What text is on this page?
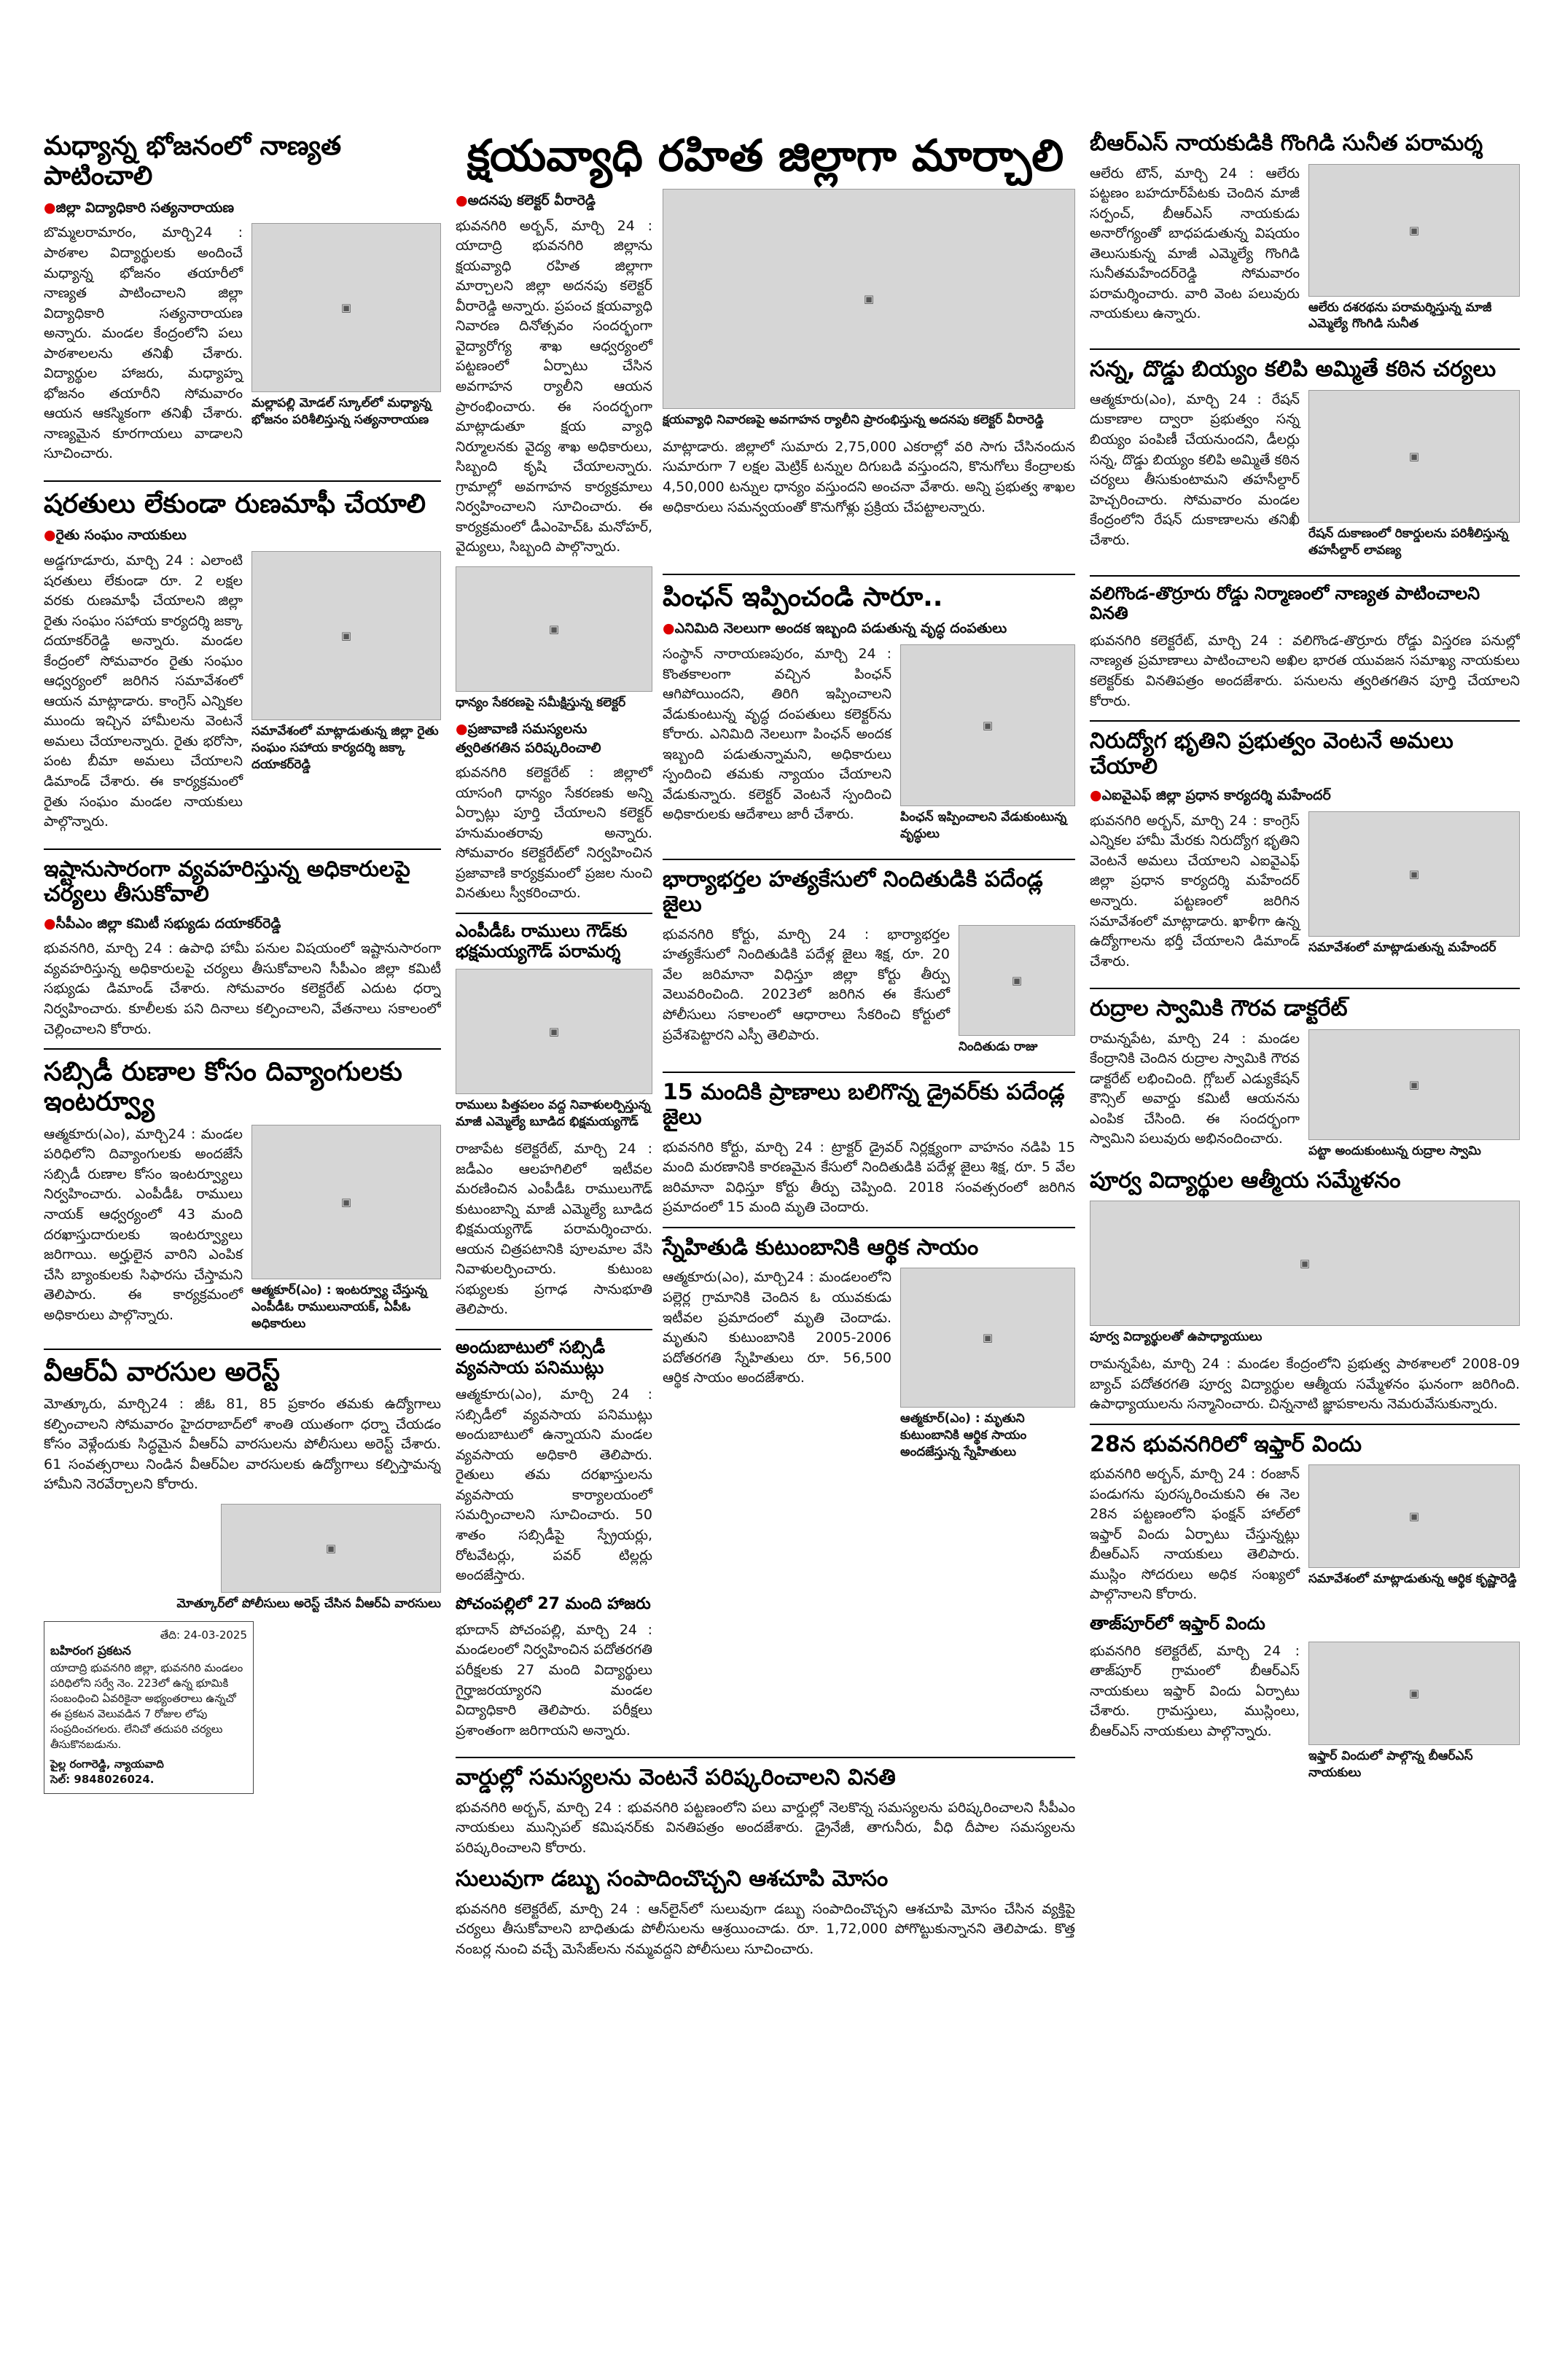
మధ్యాన్న భోజనంలో నాణ్యత పాటించాలి
● జిల్లా విద్యాధికారి సత్యనారాయణ

బొమ్మలరామారం, మార్చి24 : పాఠశాల విద్యార్థులకు అందించే మధ్యాన్న భోజనం తయారీలో నాణ్యత పాటించాలని జిల్లా విద్యాధికారి సత్యనారాయణ అన్నారు. మండల కేంద్రంలోని పలు పాఠశాలలను తనిఖీ చేశారు. విద్యార్థుల హాజరు, మధ్యాహ్న భోజనం తయారీని సోమవారం ఆయన ఆకస్మికంగా తనిఖీ చేశారు. నాణ్యమైన కూరగాయలు వాడాలని సూచించారు.

▣
మల్లాపల్లి మోడల్ స్కూల్‌లో మధ్యాన్న భోజనం పరిశీలిస్తున్న సత్యనారాయణ
షరతులు లేకుండా రుణమాఫీ చేయాలి
● రైతు సంఘం నాయకులు

అడ్డగూడూరు, మార్చి 24 : ఎలాంటి షరతులు లేకుండా రూ. 2 లక్షల వరకు రుణమాఫీ చేయాలని జిల్లా రైతు సంఘం సహాయ కార్యదర్శి జక్కా దయాకర్‌రెడ్డి అన్నారు. మండల కేంద్రంలో సోమవారం రైతు సంఘం ఆధ్వర్యంలో జరిగిన సమావేశంలో ఆయన మాట్లాడారు. కాంగ్రెస్ ఎన్నికల ముందు ఇచ్చిన హామీలను వెంటనే అమలు చేయాలన్నారు. రైతు భరోసా, పంట బీమా అమలు చేయాలని డిమాండ్ చేశారు. ఈ కార్యక్రమంలో రైతు సంఘం మండల నాయకులు పాల్గొన్నారు.

▣
సమావేశంలో మాట్లాడుతున్న జిల్లా రైతు సంఘం సహాయ కార్యదర్శి జక్కా దయాకర్‌రెడ్డి
ఇష్టానుసారంగా వ్యవహరిస్తున్న అధికారులపై చర్యలు తీసుకోవాలి
● సీపీఎం జిల్లా కమిటీ సభ్యుడు దయాకర్‌రెడ్డి

భువనగిరి, మార్చి 24 : ఉపాధి హామీ పనుల విషయంలో ఇష్టానుసారంగా వ్యవహరిస్తున్న అధికారులపై చర్యలు తీసుకోవాలని సీపీఎం జిల్లా కమిటీ సభ్యుడు డిమాండ్ చేశారు. సోమవారం కలెక్టరేట్ ఎదుట ధర్నా నిర్వహించారు. కూలీలకు పని దినాలు కల్పించాలని, వేతనాలు సకాలంలో చెల్లించాలని కోరారు.

సబ్సిడీ రుణాల కోసం దివ్యాంగులకు ఇంటర్వ్యూ

ఆత్మకూరు(ఎం), మార్చి24 : మండల పరిధిలోని దివ్యాంగులకు అందజేసే సబ్సిడీ రుణాల కోసం ఇంటర్వ్యూలు నిర్వహించారు. ఎంపీడీఓ రాములు నాయక్ ఆధ్వర్యంలో 43 మంది దరఖాస్తుదారులకు ఇంటర్వ్యూలు జరిగాయి. అర్హులైన వారిని ఎంపిక చేసి బ్యాంకులకు సిఫారసు చేస్తామని తెలిపారు. ఈ కార్యక్రమంలో అధికారులు పాల్గొన్నారు.

▣
ఆత్మకూర్(ఎం) : ఇంటర్వ్యూ చేస్తున్న ఎంపీడీఓ రాములునాయక్, ఏపీఓ అధికారులు
వీఆర్ఏ వారసుల అరెస్ట్

మోత్కూరు, మార్చి24 : జీఓ 81, 85 ప్రకారం తమకు ఉద్యోగాలు కల్పించాలని సోమవారం హైదరాబాద్‌లో శాంతి యుతంగా ధర్నా చేయడం కోసం వెళ్లేందుకు సిద్ధమైన వీఆర్ఏ వారసులను పోలీసులు అరెస్ట్ చేశారు. 61 సంవత్సరాలు నిండిన వీఆర్ఏల వారసులకు ఉద్యోగాలు కల్పిస్తామన్న హామీని నెరవేర్చాలని కోరారు.

▣
మోత్కూర్‌లో పోలీసులు అరెస్ట్ చేసిన వీఆర్ఏ వారసులు
తేది: 24-03-2025
బహిరంగ ప్రకటన
యాదాద్రి భువనగిరి జిల్లా, భువనగిరి మండలం పరిధిలోని సర్వే నెం. 223లో ఉన్న భూమికి సంబంధించి ఏవరికైనా అభ్యంతరాలు ఉన్నచో ఈ ప్రకటన వెలువడిన 7 రోజుల లోపు సంప్రదించగలరు. లేనిచో తదుపరి చర్యలు తీసుకొనబడును.
పైల్ల రంగారెడ్డి, న్యాయవాది
సెల్: 9848026024.
క్షయవ్యాధి రహిత జిల్లాగా మార్చాలి
● అదనపు కలెక్టర్ వీరారెడ్డి

భువనగిరి అర్బన్, మార్చి 24 : యాదాద్రి భువనగిరి జిల్లాను క్షయవ్యాధి రహిత జిల్లాగా మార్చాలని జిల్లా అదనపు కలెక్టర్ వీరారెడ్డి అన్నారు. ప్రపంచ క్షయవ్యాధి నివారణ దినోత్సవం సందర్భంగా వైద్యారోగ్య శాఖ ఆధ్వర్యంలో పట్టణంలో ఏర్పాటు చేసిన అవగాహన ర్యాలీని ఆయన ప్రారంభించారు. ఈ సందర్భంగా మాట్లాడుతూ క్షయ వ్యాధి నిర్మూలనకు వైద్య శాఖ అధికారులు, సిబ్బంది కృషి చేయాలన్నారు. గ్రామాల్లో అవగాహన కార్యక్రమాలు నిర్వహించాలని సూచించారు. ఈ కార్యక్రమంలో డీఎంహెచ్ఓ మనోహర్, వైద్యులు, సిబ్బంది పాల్గొన్నారు.

▣
క్షయవ్యాధి నివారణపై అవగాహన ర్యాలీని ప్రారంభిస్తున్న అదనపు కలెక్టర్ వీరారెడ్డి

మాట్లాడారు. జిల్లాలో సుమారు 2,75,000 ఎకరాల్లో వరి సాగు చేసినందున సుమారుగా 7 లక్షల మెట్రిక్ టన్నుల దిగుబడి వస్తుందని, కొనుగోలు కేంద్రాలకు 4,50,000 టన్నుల ధాన్యం వస్తుందని అంచనా వేశారు. అన్ని ప్రభుత్వ శాఖల అధికారులు సమన్వయంతో కొనుగోళ్లు ప్రక్రియ చేపట్టాలన్నారు.

▣
ధాన్యం సేకరణపై సమీక్షిస్తున్న కలెక్టర్
● ప్రజావాణి సమస్యలను త్వరితగతిన పరిష్కరించాలి

భువనగిరి కలెక్టరేట్ : జిల్లాలో యాసంగి ధాన్యం సేకరణకు అన్ని ఏర్పాట్లు పూర్తి చేయాలని కలెక్టర్ హనుమంతరావు అన్నారు. సోమవారం కలెక్టరేట్‌లో నిర్వహించిన ప్రజావాణి కార్యక్రమంలో ప్రజల నుంచి వినతులు స్వీకరించారు.

ఎంపీడీఓ రాములు గౌడ్‌కు భక్షమయ్యగౌడ్ పరామర్శ
▣
రాములు పిత్తపలం వద్ద నివాళులర్పిస్తున్న మాజీ ఎమ్మెల్యే బూడిద భిక్షమయ్యగౌడ్

రాజాపేట కలెక్టరేట్, మార్చి 24 : జడీఎం ఆలహగిలిలో ఇటీవల మరణించిన ఎంపీడీఓ రాములుగౌడ్ కుటుంబాన్ని మాజీ ఎమ్మెల్యే బూడిద భిక్షమయ్యగౌడ్ పరామర్శించారు. ఆయన చిత్రపటానికి పూలమాల వేసి నివాళులర్పించారు. కుటుంబ సభ్యులకు ప్రగాఢ సానుభూతి తెలిపారు.

అందుబాటులో సబ్సిడీ వ్యవసాయ పనిముట్లు

ఆత్మకూరు(ఎం), మార్చి 24 : సబ్సిడీలో వ్యవసాయ పనిముట్లు అందుబాటులో ఉన్నాయని మండల వ్యవసాయ అధికారి తెలిపారు. రైతులు తమ దరఖాస్తులను వ్యవసాయ కార్యాలయంలో సమర్పించాలని సూచించారు. 50 శాతం సబ్సిడీపై స్ప్రేయర్లు, రోటవేటర్లు, పవర్ టిల్లర్లు అందజేస్తారు.

పోచంపల్లిలో 27 మంది హాజరు

భూదాన్ పోచంపల్లి, మార్చి 24 : మండలంలో నిర్వహించిన పదోతరగతి పరీక్షలకు 27 మంది విద్యార్థులు గైర్హాజరయ్యారని మండల విద్యాధికారి తెలిపారు. పరీక్షలు ప్రశాంతంగా జరిగాయని అన్నారు.

పింఛన్ ఇప్పించండి సారూ..
● ఎనిమిది నెలలుగా అందక ఇబ్బంది పడుతున్న వృద్ధ దంపతులు

సంస్థాన్ నారాయణపురం, మార్చి 24 : కొంతకాలంగా వచ్చిన పింఛన్ ఆగిపోయిందని, తిరిగి ఇప్పించాలని వేడుకుంటున్న వృద్ధ దంపతులు కలెక్టర్‌ను కోరారు. ఎనిమిది నెలలుగా పింఛన్ అందక ఇబ్బంది పడుతున్నామని, అధికారులు స్పందించి తమకు న్యాయం చేయాలని వేడుకున్నారు. కలెక్టర్ వెంటనే స్పందించి అధికారులకు ఆదేశాలు జారీ చేశారు.

▣
పింఛన్ ఇప్పించాలని వేడుకుంటున్న వృద్ధులు
భార్యాభర్తల హత్యకేసులో నిందితుడికి పదేండ్ల జైలు

భువనగిరి కోర్టు, మార్చి 24 : భార్యాభర్తల హత్యకేసులో నిందితుడికి పదేళ్ల జైలు శిక్ష, రూ. 20 వేల జరిమానా విధిస్తూ జిల్లా కోర్టు తీర్పు వెలువరించింది. 2023లో జరిగిన ఈ కేసులో పోలీసులు సకాలంలో ఆధారాలు సేకరించి కోర్టులో ప్రవేశపెట్టారని ఎస్పీ తెలిపారు.

▣
నిందితుడు రాజు
15 మందికి ప్రాణాలు బలిగొన్న డ్రైవర్‌కు పదేండ్ల జైలు

భువనగిరి కోర్టు, మార్చి 24 : ట్రాక్టర్ డ్రైవర్ నిర్లక్ష్యంగా వాహనం నడిపి 15 మంది మరణానికి కారణమైన కేసులో నిందితుడికి పదేళ్ల జైలు శిక్ష, రూ. 5 వేల జరిమానా విధిస్తూ కోర్టు తీర్పు చెప్పింది. 2018 సంవత్సరంలో జరిగిన ప్రమాదంలో 15 మంది మృతి చెందారు.

స్నేహితుడి కుటుంబానికి ఆర్థిక సాయం

ఆత్మకూరు(ఎం), మార్చి24 : మండలంలోని పల్లెర్ల గ్రామానికి చెందిన ఓ యువకుడు ఇటీవల ప్రమాదంలో మృతి చెందాడు. మృతుని కుటుంబానికి 2005-2006 పదోతరగతి స్నేహితులు రూ. 56,500 ఆర్థిక సాయం అందజేశారు.

▣
ఆత్మకూర్(ఎం) : మృతుని కుటుంబానికి ఆర్థిక సాయం అందజేస్తున్న స్నేహితులు
వార్డుల్లో సమస్యలను వెంటనే పరిష్కరించాలని వినతి

భువనగిరి అర్బన్, మార్చి 24 : భువనగిరి పట్టణంలోని పలు వార్డుల్లో నెలకొన్న సమస్యలను పరిష్కరించాలని సీపీఎం నాయకులు మున్సిపల్ కమిషనర్‌కు వినతిపత్రం అందజేశారు. డ్రైనేజీ, తాగునీరు, వీధి దీపాల సమస్యలను పరిష్కరించాలని కోరారు.

సులువుగా డబ్బు సంపాదించొచ్చని ఆశచూపి మోసం

భువనగిరి కలెక్టరేట్, మార్చి 24 : ఆన్‌లైన్‌లో సులువుగా డబ్బు సంపాదించొచ్చని ఆశచూపి మోసం చేసిన వ్యక్తిపై చర్యలు తీసుకోవాలని బాధితుడు పోలీసులను ఆశ్రయించాడు. రూ. 1,72,000 పోగొట్టుకున్నానని తెలిపాడు. కొత్త నంబర్ల నుంచి వచ్చే మెసేజ్‌లను నమ్మవద్దని పోలీసులు సూచించారు.

బీఆర్ఎస్ నాయకుడికి గొంగిడి సునీత పరామర్శ

ఆలేరు టౌన్, మార్చి 24 : ఆలేరు పట్టణం బహదూర్‌పేటకు చెందిన మాజీ సర్పంచ్, బీఆర్ఎస్ నాయకుడు అనారోగ్యంతో బాధపడుతున్న విషయం తెలుసుకున్న మాజీ ఎమ్మెల్యే గొంగిడి సునీతమహేందర్‌రెడ్డి సోమవారం పరామర్శించారు. వారి వెంట పలువురు నాయకులు ఉన్నారు.

▣
ఆలేరు దశరథను పరామర్శిస్తున్న మాజీ ఎమ్మెల్యే గొంగిడి సునీత
సన్న, దొడ్డు బియ్యం కలిపి అమ్మితే కఠిన చర్యలు

ఆత్మకూరు(ఎం), మార్చి 24 : రేషన్ దుకాణాల ద్వారా ప్రభుత్వం సన్న బియ్యం పంపిణీ చేయనుందని, డీలర్లు సన్న, దొడ్డు బియ్యం కలిపి అమ్మితే కఠిన చర్యలు తీసుకుంటామని తహసీల్దార్ హెచ్చరించారు. సోమవారం మండల కేంద్రంలోని రేషన్ దుకాణాలను తనిఖీ చేశారు.

▣
రేషన్ దుకాణంలో రికార్డులను పరిశీలిస్తున్న తహసీల్దార్ లావణ్య
వలిగొండ-తొర్రూరు రోడ్డు నిర్మాణంలో నాణ్యత పాటించాలని వినతి

భువనగిరి కలెక్టరేట్, మార్చి 24 : వలిగొండ-తొర్రూరు రోడ్డు విస్తరణ పనుల్లో నాణ్యత ప్రమాణాలు పాటించాలని అఖిల భారత యువజన సమాఖ్య నాయకులు కలెక్టర్‌కు వినతిపత్రం అందజేశారు. పనులను త్వరితగతిన పూర్తి చేయాలని కోరారు.

నిరుద్యోగ భృతిని ప్రభుత్వం వెంటనే అమలు చేయాలి
● ఎఐవైఎఫ్ జిల్లా ప్రధాన కార్యదర్శి మహేందర్

భువనగిరి అర్బన్, మార్చి 24 : కాంగ్రెస్ ఎన్నికల హామీ మేరకు నిరుద్యోగ భృతిని వెంటనే అమలు చేయాలని ఎఐవైఎఫ్ జిల్లా ప్రధాన కార్యదర్శి మహేందర్ అన్నారు. పట్టణంలో జరిగిన సమావేశంలో మాట్లాడారు. ఖాళీగా ఉన్న ఉద్యోగాలను భర్తీ చేయాలని డిమాండ్ చేశారు.

▣
సమావేశంలో మాట్లాడుతున్న మహేందర్
రుద్రాల స్వామికి గౌరవ డాక్టరేట్

రామన్నపేట, మార్చి 24 : మండల కేంద్రానికి చెందిన రుద్రాల స్వామికి గౌరవ డాక్టరేట్ లభించింది. గ్లోబల్ ఎడ్యుకేషన్ కౌన్సిల్ అవార్డు కమిటీ ఆయనను ఎంపిక చేసింది. ఈ సందర్భంగా స్వామిని పలువురు అభినందించారు.

▣
పట్టా అందుకుంటున్న రుద్రాల స్వామి
పూర్వ విద్యార్థుల ఆత్మీయ సమ్మేళనం
▣
పూర్వ విద్యార్థులతో ఉపాధ్యాయులు

రామన్నపేట, మార్చి 24 : మండల కేంద్రంలోని ప్రభుత్వ పాఠశాలలో 2008-09 బ్యాచ్ పదోతరగతి పూర్వ విద్యార్థుల ఆత్మీయ సమ్మేళనం ఘనంగా జరిగింది. ఉపాధ్యాయులను సన్మానించారు. చిన్ననాటి జ్ఞాపకాలను నెమరువేసుకున్నారు.

28న భువనగిరిలో ఇఫ్తార్ విందు

భువనగిరి అర్బన్, మార్చి 24 : రంజాన్ పండుగను పురస్కరించుకుని ఈ నెల 28న పట్టణంలోని ఫంక్షన్ హాల్‌లో ఇఫ్తార్ విందు ఏర్పాటు చేస్తున్నట్లు బీఆర్ఎస్ నాయకులు తెలిపారు. ముస్లిం సోదరులు అధిక సంఖ్యలో పాల్గొనాలని కోరారు.

▣
సమావేశంలో మాట్లాడుతున్న ఆర్థిక కృష్ణారెడ్డి
తాజ్‌పూర్‌లో ఇఫ్తార్ విందు

భువనగిరి కలెక్టరేట్, మార్చి 24 : తాజ్‌పూర్ గ్రామంలో బీఆర్ఎస్ నాయకులు ఇఫ్తార్ విందు ఏర్పాటు చేశారు. గ్రామస్తులు, ముస్లింలు, బీఆర్ఎస్ నాయకులు పాల్గొన్నారు.

▣
ఇఫ్తార్ విందులో పాల్గొన్న బీఆర్ఎస్ నాయకులు
